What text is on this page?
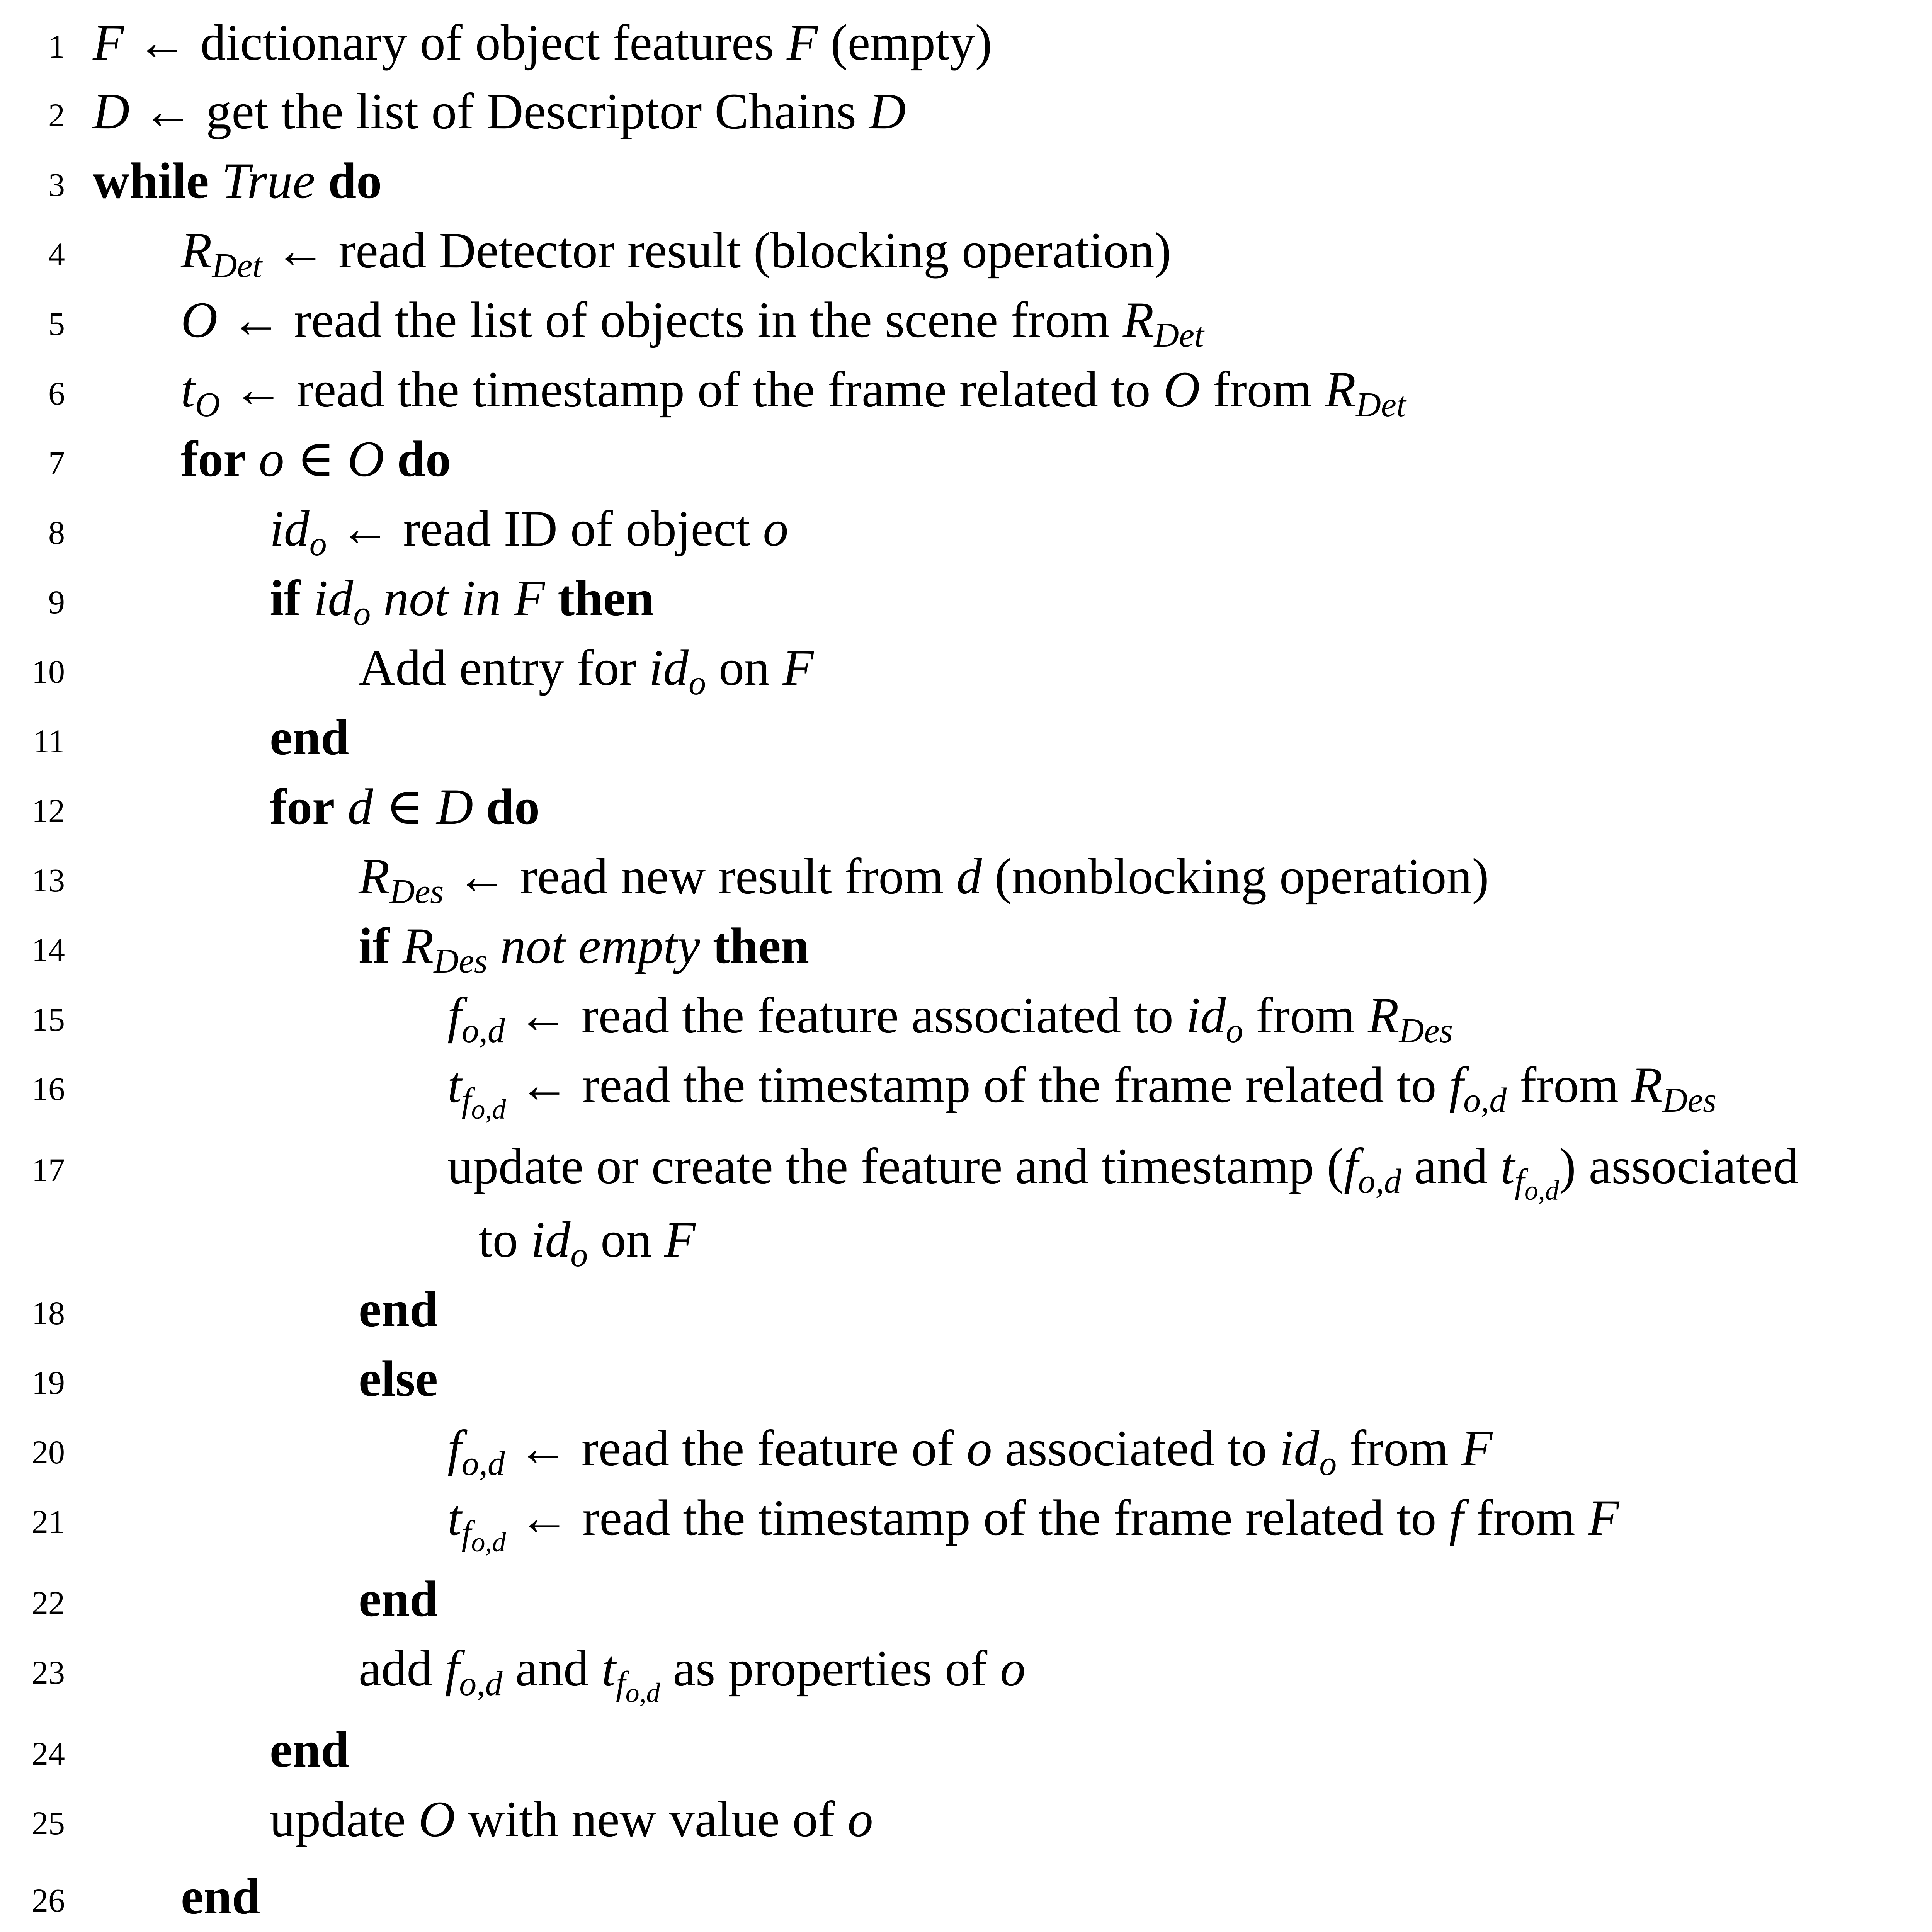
1 F ← dictionary of object features F (empty)
2 D ← get the list of Descriptor Chains D
3 while True do
4 $R_{Det}$ ← read Detector result (blocking operation)
5 O ← read the list of objects in the scene from $R_{Det}$
6 $t_O$ ← read the timestamp of the frame related to O from $R_{Det}$
7 for o ∈ O do
8	$id_o$ ← read ID of object o
9	if $id_o$ not in F then
10	Add entry for $id_o$ on F
11	end
12	for d ∈ D do
13	$R_{Des}$ ← read new result from d (nonblocking operation)
14	if $R_{Des}$ not empty then
15	$f_{o,d}$ ← read the feature associated to $id_o$ from $R_{Des}$
16	$t_{f_{o,d}}$ ← read the timestamp of the frame related to $f_{o,d}$ from $R_{Des}$
17	update or create the feature and timestamp ($f_{o,d}$ and $t_{f_{o,d}}$) associated
to $id_o$ on F
18	end
19	else
20	$f_{o,d}$ ← read the feature of o associated to $id_o$ from F
21	$t_{f_{o,d}}$ ← read the timestamp of the frame related to f from F
22	end
23	add $f_{o,d}$ and $t_{f_{o,d}}$ as properties of o
24	end
25	update O with new value of o
26 end
